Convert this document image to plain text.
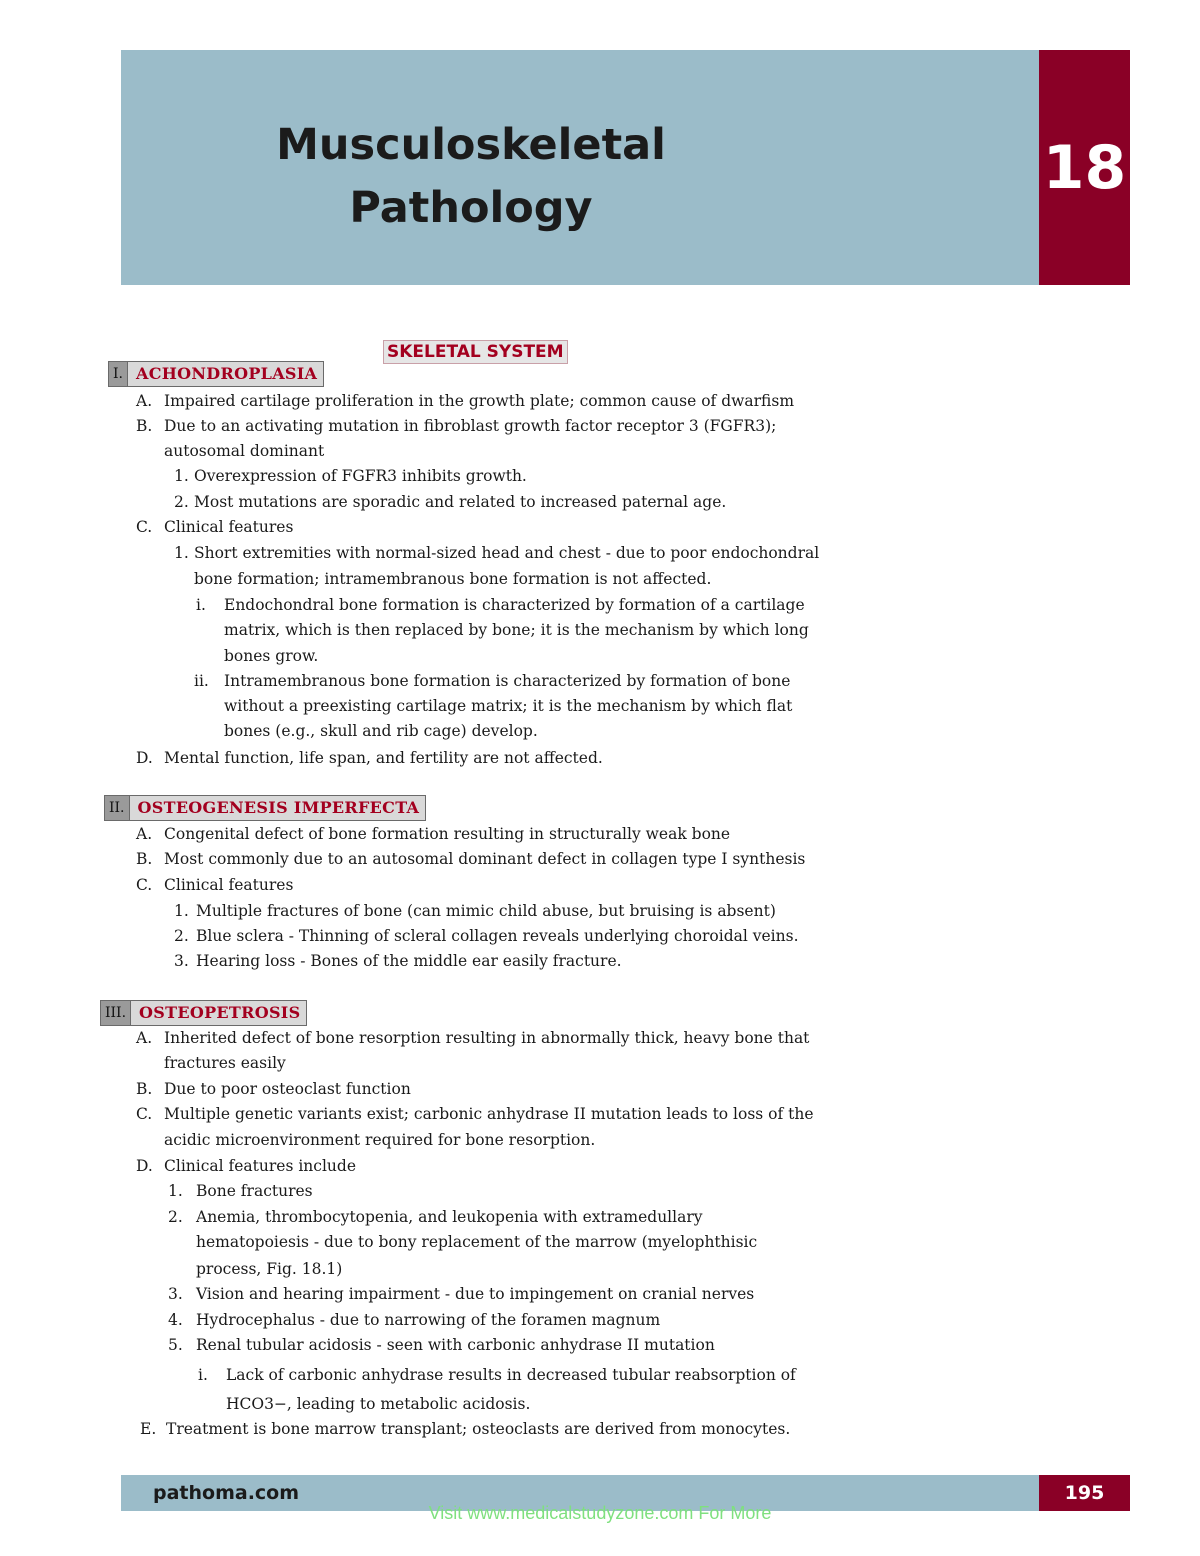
Musculoskeletal
Pathology
18
SKELETAL SYSTEM
I. ACHONDROPLASIA
A. Impaired cartilage proliferation in the growth plate; common cause of dwarfism
B. Due to an activating mutation in fibroblast growth factor receptor 3 (FGFR3);
autosomal dominant
1. Overexpression of FGFR3 inhibits growth.
2. Most mutations are sporadic and related to increased paternal age.
C. Clinical features
1. Short extremities with normal-sized head and chest - due to poor endochondral
bone formation; intramembranous bone formation is not affected.
i. Endochondral bone formation is characterized by formation of a cartilage
matrix, which is then replaced by bone; it is the mechanism by which long
bones grow.
ii. Intramembranous bone formation is characterized by formation of bone
without a preexisting cartilage matrix; it is the mechanism by which flat
bones (e.g., skull and rib cage) develop.
D. Mental function, life span, and fertility are not affected.
II. OSTEOGENESIS IMPERFECTA
A. Congenital defect of bone formation resulting in structurally weak bone
B. Most commonly due to an autosomal dominant defect in collagen type I synthesis
C. Clinical features
1. Multiple fractures of bone (can mimic child abuse, but bruising is absent)
2. Blue sclera - Thinning of scleral collagen reveals underlying choroidal veins.
3. Hearing loss - Bones of the middle ear easily fracture.
III. OSTEOPETROSIS
A. Inherited defect of bone resorption resulting in abnormally thick, heavy bone that
fractures easily
B. Due to poor osteoclast function
C. Multiple genetic variants exist; carbonic anhydrase II mutation leads to loss of the
acidic microenvironment required for bone resorption.
D. Clinical features include
1. Bone fractures
2. Anemia, thrombocytopenia, and leukopenia with extramedullary
hematopoiesis - due to bony replacement of the marrow (myelophthisic
process, Fig. 18.1)
3. Vision and hearing impairment - due to impingement on cranial nerves
4. Hydrocephalus - due to narrowing of the foramen magnum
5. Renal tubular acidosis - seen with carbonic anhydrase II mutation
i. Lack of carbonic anhydrase results in decreased tubular reabsorption of
HCO3−, leading to metabolic acidosis.
E. Treatment is bone marrow transplant; osteoclasts are derived from monocytes.
pathoma.com	195
Visit www.medicalstudyzone.com For More
